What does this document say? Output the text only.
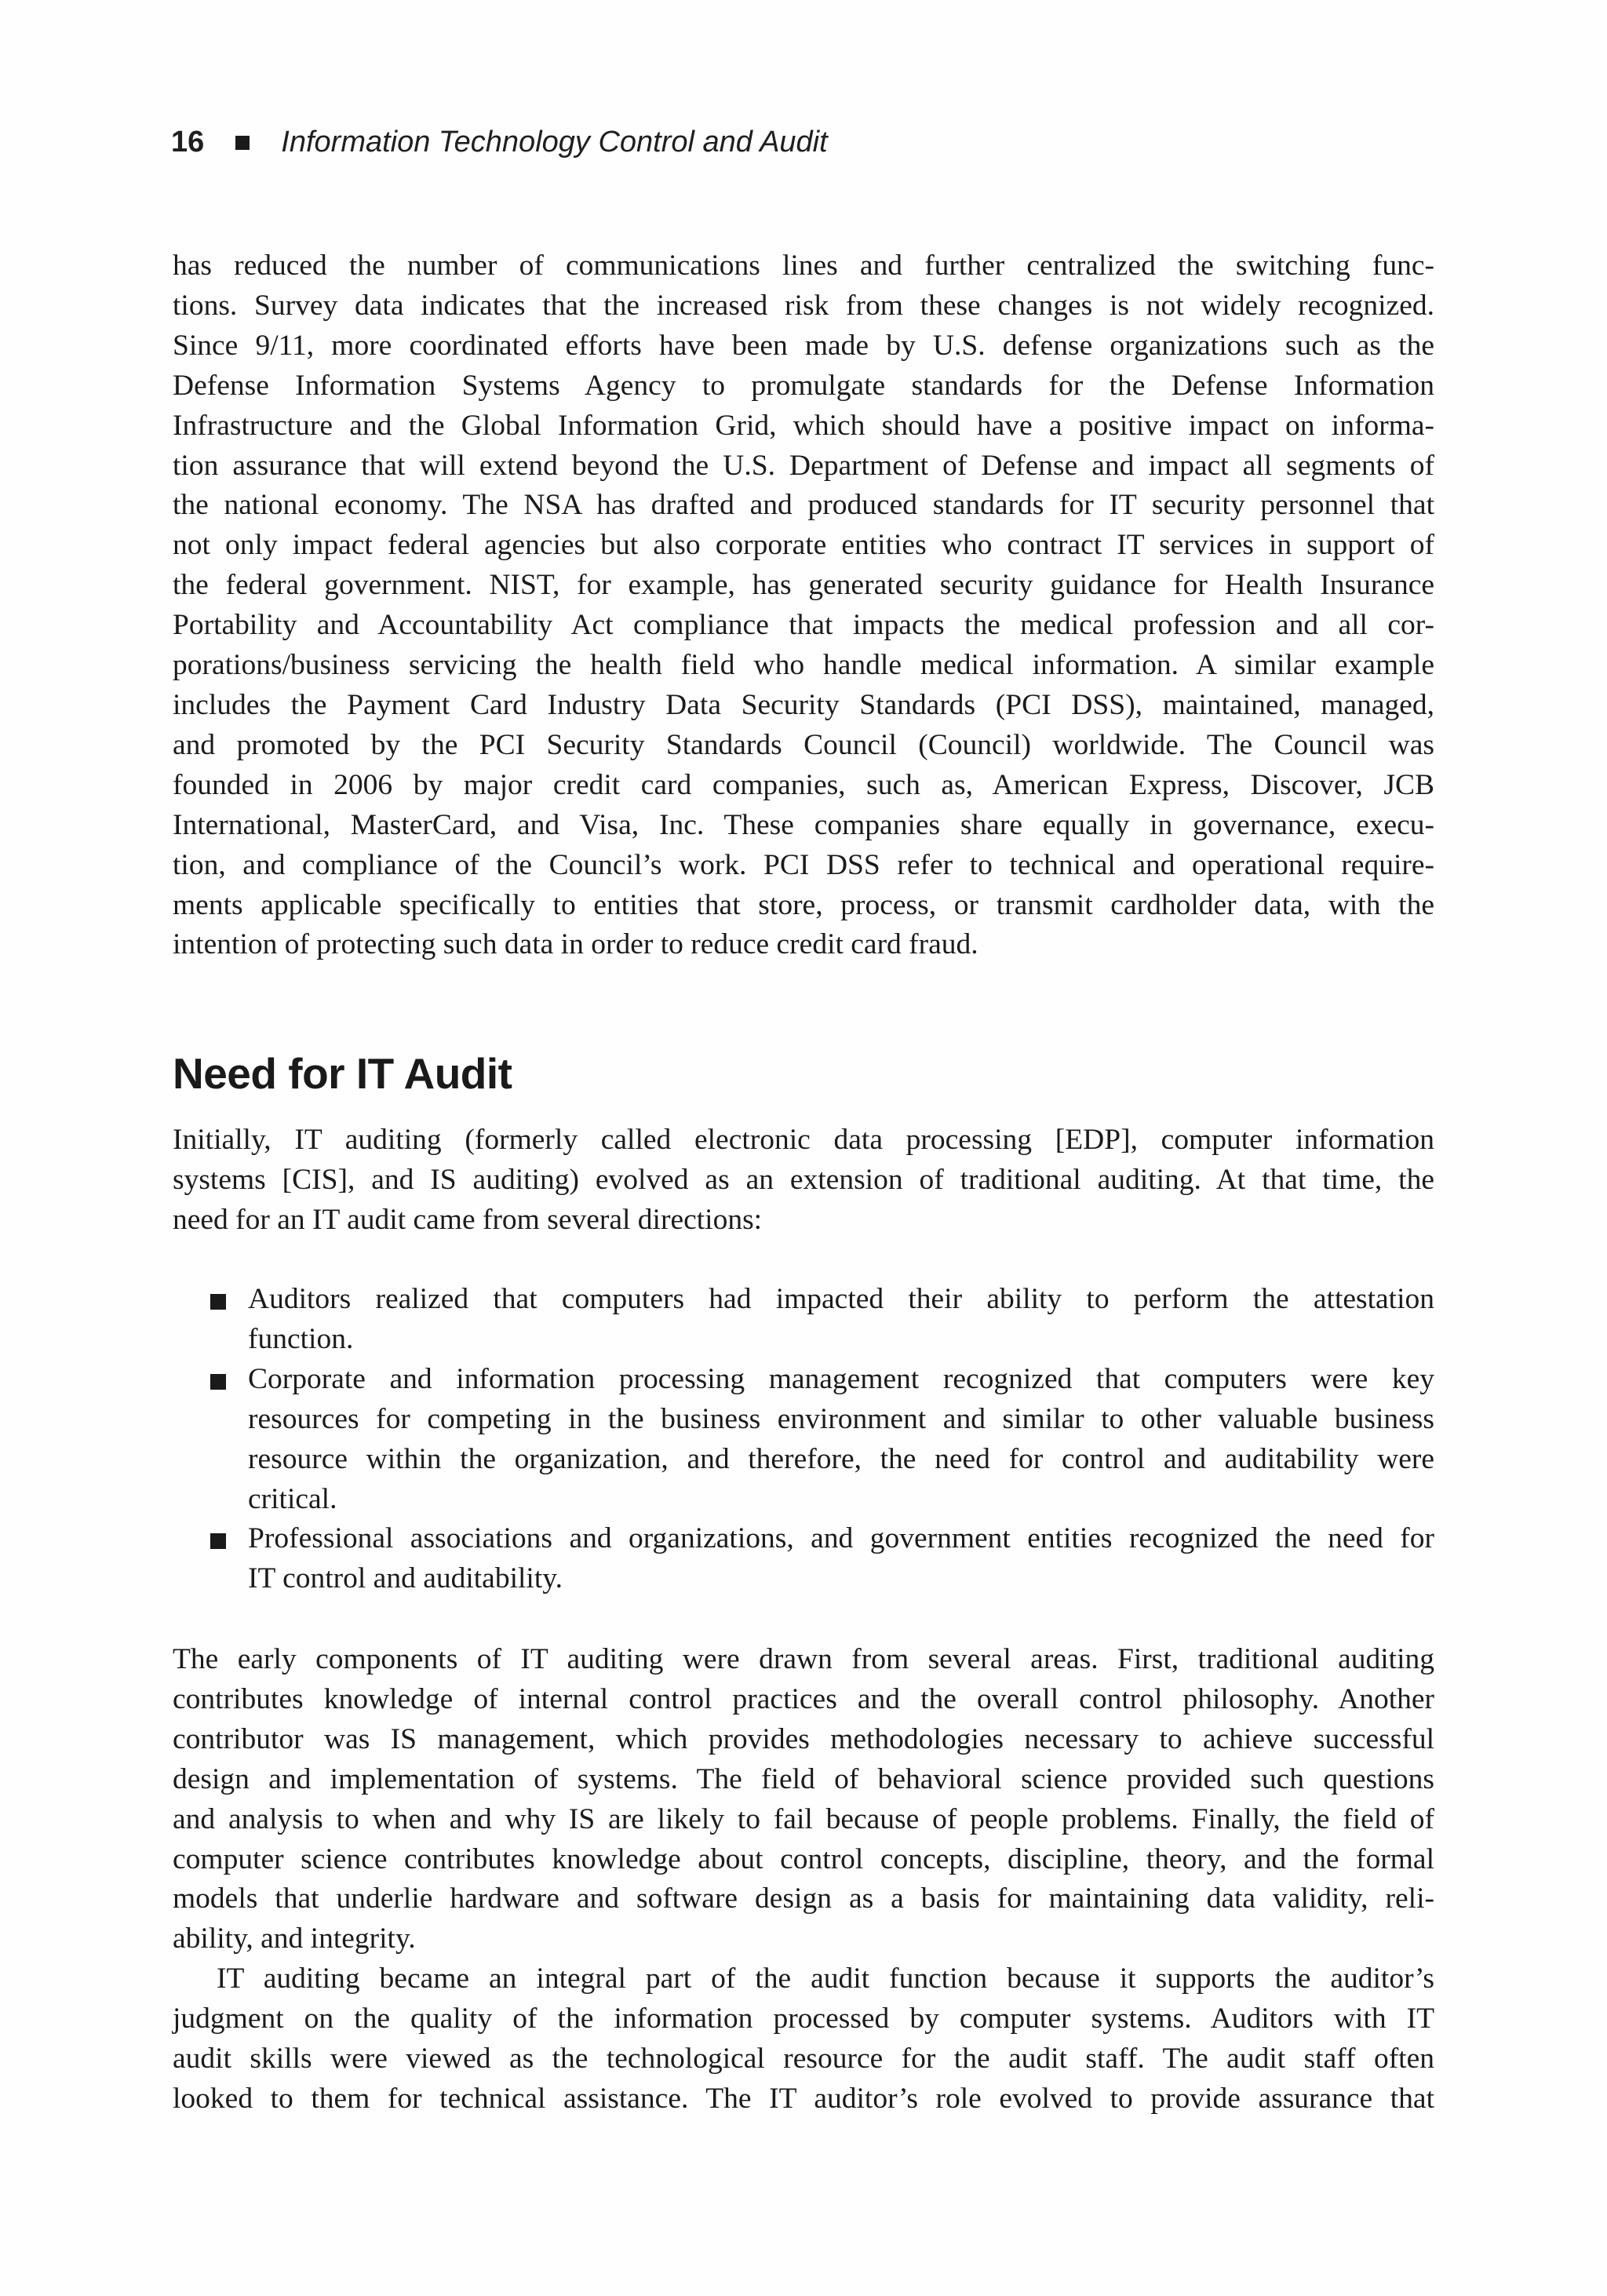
16	Information Technology Control and Audit
has reduced the number of communications lines and further centralized the switching func-
tions. Survey data indicates that the increased risk from these changes is not widely recognized.
Since 9/11, more coordinated efforts have been made by U.S. defense organizations such as the
Defense Information Systems Agency to promulgate standards for the Defense Information
Infrastructure and the Global Information Grid, which should have a positive impact on informa-
tion assurance that will extend beyond the U.S. Department of Defense and impact all segments of
the national economy. The NSA has drafted and produced standards for IT security personnel that
not only impact federal agencies but also corporate entities who contract IT services in support of
the federal government. NIST, for example, has generated security guidance for Health Insurance
Portability and Accountability Act compliance that impacts the medical profession and all cor-
porations/business servicing the health field who handle medical information. A similar example
includes the Payment Card Industry Data Security Standards (PCI DSS), maintained, managed,
and promoted by the PCI Security Standards Council (Council) worldwide. The Council was
founded in 2006 by major credit card companies, such as, American Express, Discover, JCB
International, MasterCard, and Visa, Inc. These companies share equally in governance, execu-
tion, and compliance of the Council’s work. PCI DSS refer to technical and operational require-
ments applicable specifically to entities that store, process, or transmit cardholder data, with the
intention of protecting such data in order to reduce credit card fraud.
Need for IT Audit
Initially, IT auditing (formerly called electronic data processing [EDP], computer information
systems [CIS], and IS auditing) evolved as an extension of traditional auditing. At that time, the
need for an IT audit came from several directions:
Auditors realized that computers had impacted their ability to perform the attestation
function.
Corporate and information processing management recognized that computers were key
resources for competing in the business environment and similar to other valuable business
resource within the organization, and therefore, the need for control and auditability were
critical.
Professional associations and organizations, and government entities recognized the need for
IT control and auditability.
The early components of IT auditing were drawn from several areas. First, traditional auditing
contributes knowledge of internal control practices and the overall control philosophy. Another
contributor was IS management, which provides methodologies necessary to achieve successful
design and implementation of systems. The field of behavioral science provided such questions
and analysis to when and why IS are likely to fail because of people problems. Finally, the field of
computer science contributes knowledge about control concepts, discipline, theory, and the formal
models that underlie hardware and software design as a basis for maintaining data validity, reli-
ability, and integrity.
IT auditing became an integral part of the audit function because it supports the auditor’s
judgment on the quality of the information processed by computer systems. Auditors with IT
audit skills were viewed as the technological resource for the audit staff. The audit staff often
looked to them for technical assistance. The IT auditor’s role evolved to provide assurance that
